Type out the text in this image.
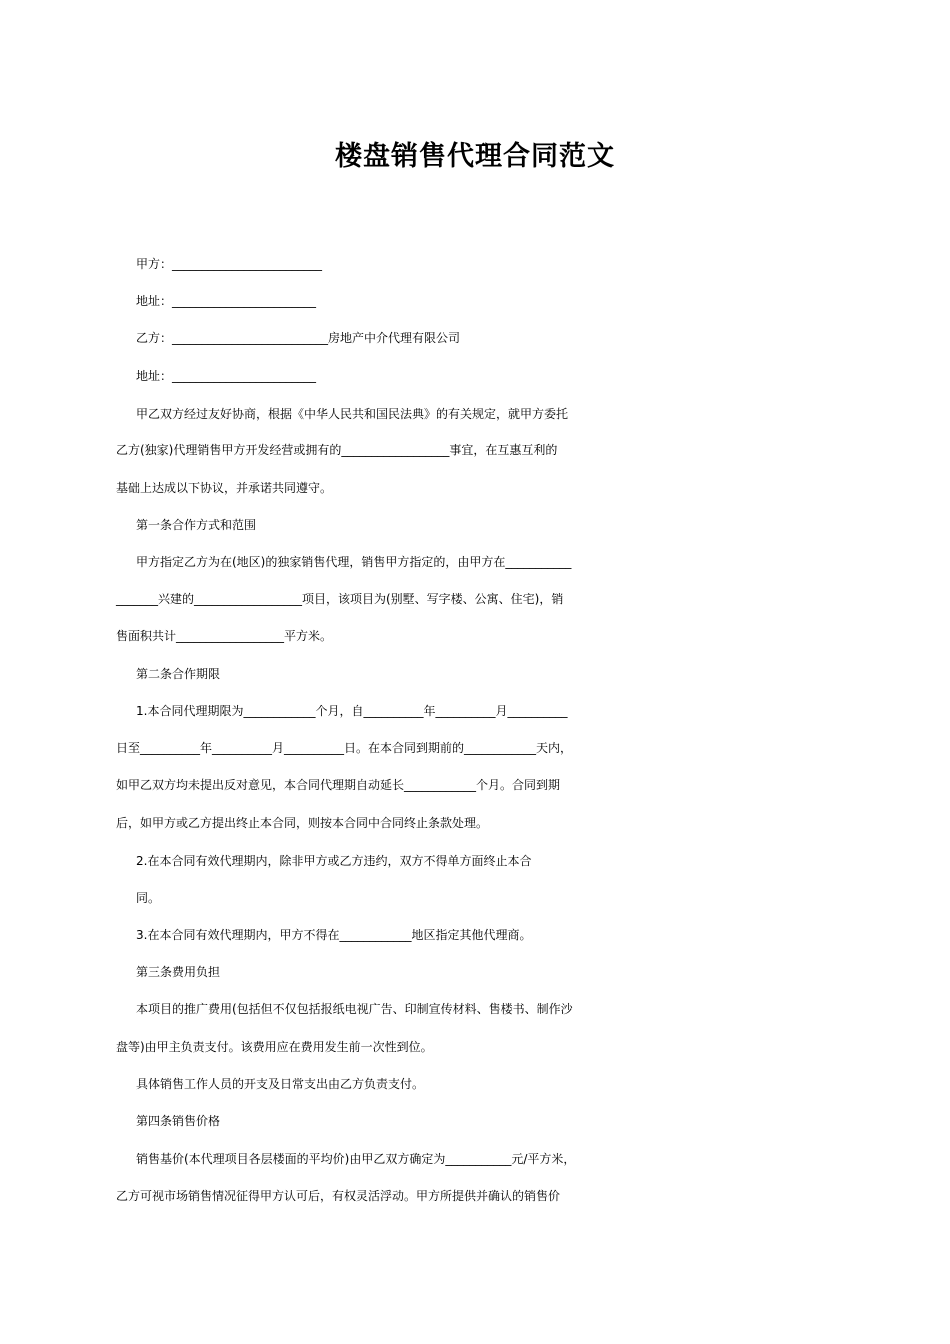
楼盘销售代理合同范文
甲方：_________________________
地址：________________________
乙方：__________________________房地产中介代理有限公司
地址：________________________
甲乙双方经过友好协商，根据《中华人民共和国民法典》的有关规定，就甲方委托
乙方(独家)代理销售甲方开发经营或拥有的__________________事宜，在互惠互利的
基础上达成以下协议，并承诺共同遵守。
第一条合作方式和范围
甲方指定乙方为在(地区)的独家销售代理，销售甲方指定的，由甲方在___________
_______兴建的__________________项目，该项目为(别墅、写字楼、公寓、住宅)，销
售面积共计__________________平方米。
第二条合作期限
1.本合同代理期限为____________个月，自__________年__________月__________
日至__________年__________月__________日。在本合同到期前的____________天内，
如甲乙双方均未提出反对意见，本合同代理期自动延长____________个月。合同到期
后，如甲方或乙方提出终止本合同，则按本合同中合同终止条款处理。
2.在本合同有效代理期内，除非甲方或乙方违约，双方不得单方面终止本合
同。
3.在本合同有效代理期内，甲方不得在____________地区指定其他代理商。
第三条费用负担
本项目的推广费用(包括但不仅包括报纸电视广告、印制宣传材料、售楼书、制作沙
盘等)由甲主负责支付。该费用应在费用发生前一次性到位。
具体销售工作人员的开支及日常支出由乙方负责支付。
第四条销售价格
销售基价(本代理项目各层楼面的平均价)由甲乙双方确定为___________元/平方米，
乙方可视市场销售情况征得甲方认可后，有权灵活浮动。甲方所提供并确认的销售价
